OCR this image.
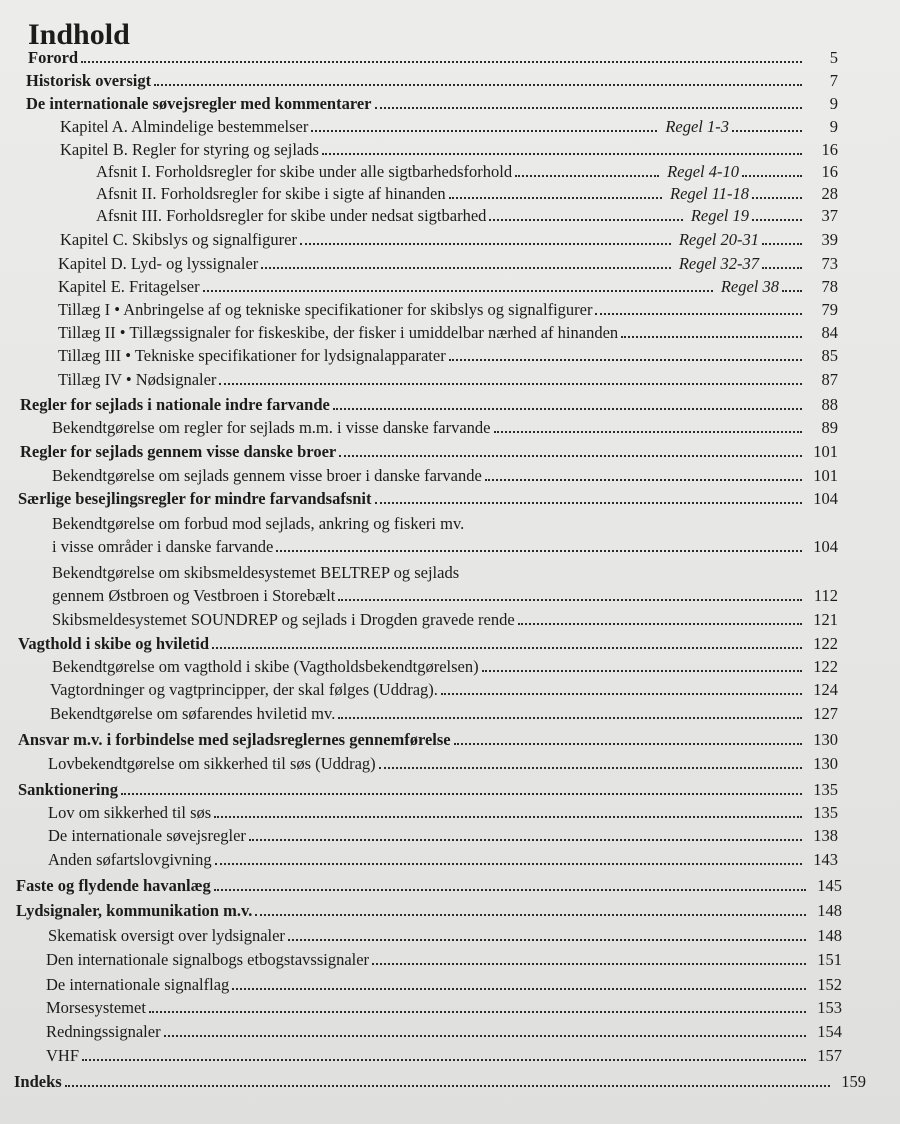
Indhold
Forord	5
Historisk oversigt	7
De internationale søvejsregler med kommentarer	9
Kapitel A. Almindelige bestemmelser	Regel 1-3	9
Kapitel B. Regler for styring og sejlads	16
Afsnit I. Forholdsregler for skibe under alle sigtbarhedsforhold	Regel 4-10	16
Afsnit II. Forholdsregler for skibe i sigte af hinanden	Regel 11-18	28
Afsnit III. Forholdsregler for skibe under nedsat sigtbarhed	Regel 19	37
Kapitel C. Skibslys og signalfigurer	Regel 20-31	39
Kapitel D. Lyd- og lyssignaler	Regel 32-37	73
Kapitel E. Fritagelser	Regel 38	78
Tillæg I • Anbringelse af og tekniske specifikationer for skibslys og signalfigurer	79
Tillæg II • Tillægssignaler for fiskeskibe, der fisker i umiddelbar nærhed af hinanden	84
Tillæg III • Tekniske specifikationer for lydsignalapparater	85
Tillæg IV • Nødsignaler	87
Regler for sejlads i nationale indre farvande	88
Bekendtgørelse om regler for sejlads m.m. i visse danske farvande	89
Regler for sejlads gennem visse danske broer	101
Bekendtgørelse om sejlads gennem visse broer i danske farvande	101
Særlige besejlingsregler for mindre farvandsafsnit	104
Bekendtgørelse om forbud mod sejlads, ankring og fiskeri mv.
i visse områder i danske farvande	104
Bekendtgørelse om skibsmeldesystemet BELTREP og sejlads
gennem Østbroen og Vestbroen i Storebælt	112
Skibsmeldesystemet SOUNDREP og sejlads i Drogden gravede rende	121
Vagthold i skibe og hviletid	122
Bekendtgørelse om vagthold i skibe (Vagtholdsbekendtgørelsen)	122
Vagtordninger og vagtprincipper, der skal følges (Uddrag).	124
Bekendtgørelse om søfarendes hviletid mv.	127
Ansvar m.v. i forbindelse med sejladsreglernes gennemførelse	130
Lovbekendtgørelse om sikkerhed til søs (Uddrag)	130
Sanktionering	135
Lov om sikkerhed til søs	135
De internationale søvejsregler	138
Anden søfartslovgivning	143
Faste og flydende havanlæg	145
Lydsignaler, kommunikation m.v.	148
Skematisk oversigt over lydsignaler	148
Den internationale signalbogs etbogstavssignaler	151
De internationale signalflag	152
Morsesystemet	153
Redningssignaler	154
VHF	157
Indeks	159
